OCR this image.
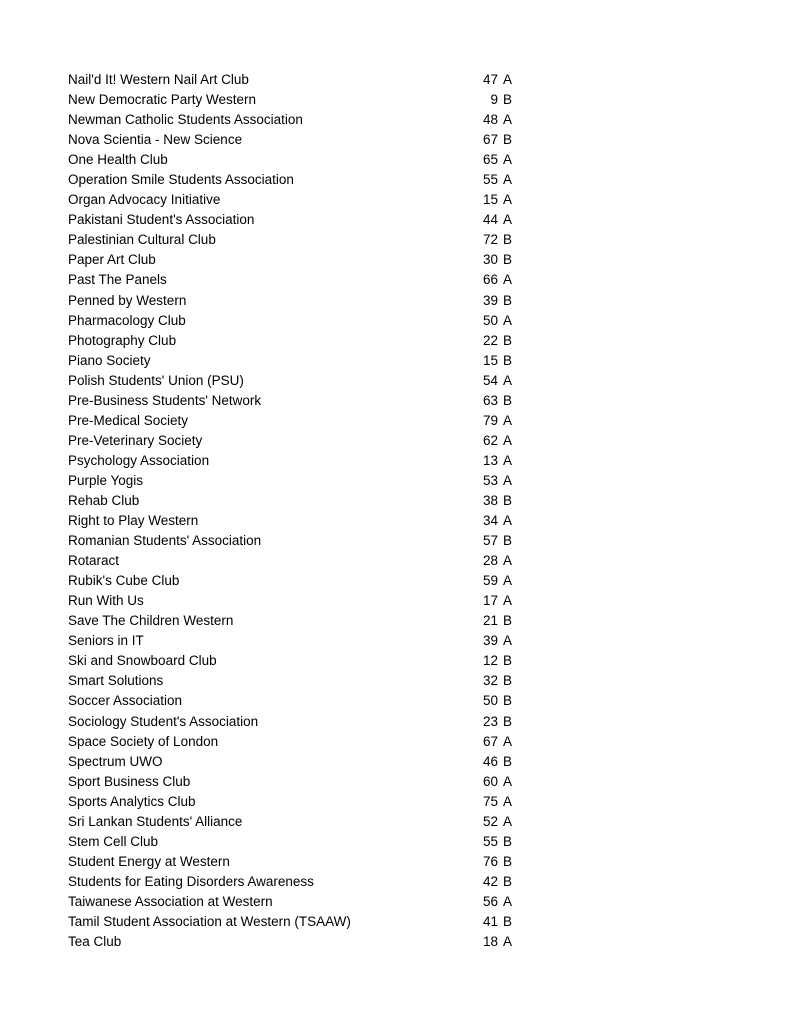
Nail'd It! Western Nail Art Club	47 A
New Democratic Party Western	9 B
Newman Catholic Students Association	48 A
Nova Scientia - New Science	67 B
One Health Club	65 A
Operation Smile Students Association	55 A
Organ Advocacy Initiative	15 A
Pakistani Student's Association	44 A
Palestinian Cultural Club	72 B
Paper Art Club	30 B
Past The Panels	66 A
Penned by Western	39 B
Pharmacology Club	50 A
Photography Club	22 B
Piano Society	15 B
Polish Students' Union (PSU)	54 A
Pre-Business Students' Network	63 B
Pre-Medical Society	79 A
Pre-Veterinary Society	62 A
Psychology Association	13 A
Purple Yogis	53 A
Rehab Club	38 B
Right to Play Western	34 A
Romanian Students' Association	57 B
Rotaract	28 A
Rubik's Cube Club	59 A
Run With Us	17 A
Save The Children Western	21 B
Seniors in IT	39 A
Ski and Snowboard Club	12 B
Smart Solutions	32 B
Soccer Association	50 B
Sociology Student's Association	23 B
Space Society of London	67 A
Spectrum UWO	46 B
Sport Business Club	60 A
Sports Analytics Club	75 A
Sri Lankan Students' Alliance	52 A
Stem Cell Club	55 B
Student Energy at Western	76 B
Students for Eating Disorders Awareness	42 B
Taiwanese Association at Western	56 A
Tamil Student Association at Western (TSAAW)	41 B
Tea Club	18 A
